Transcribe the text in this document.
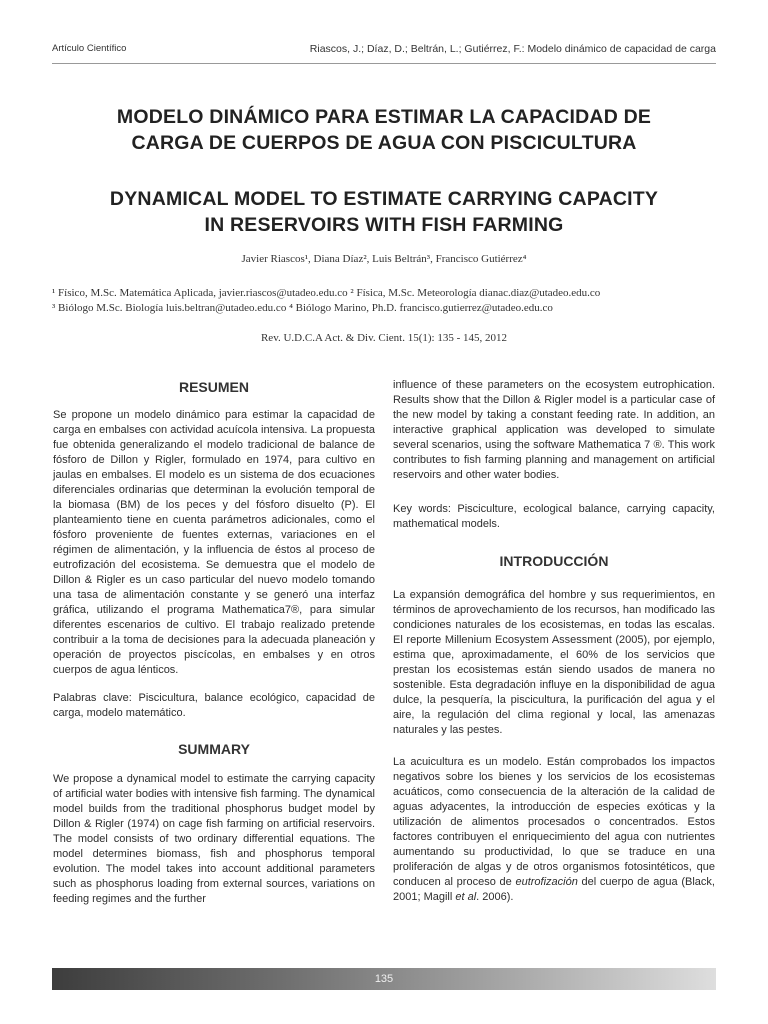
Artículo Científico	Riascos, J.; Díaz, D.; Beltrán, L.; Gutiérrez, F.: Modelo dinámico de capacidad de carga
MODELO DINÁMICO PARA ESTIMAR LA CAPACIDAD DE
CARGA DE CUERPOS DE AGUA CON PISCICULTURA
DYNAMICAL MODEL TO ESTIMATE CARRYING CAPACITY
IN RESERVOIRS WITH FISH FARMING
Javier Riascos¹, Diana Díaz², Luis Beltrán³, Francisco Gutiérrez⁴
¹ Físico, M.Sc. Matemática Aplicada, javier.riascos@utadeo.edu.co ² Física, M.Sc. Meteorología dianac.diaz@utadeo.edu.co
³ Biólogo M.Sc. Biología luis.beltran@utadeo.edu.co ⁴ Biólogo Marino, Ph.D. francisco.gutierrez@utadeo.edu.co
Rev. U.D.C.A Act. & Div. Cient. 15(1): 135 - 145, 2012
RESUMEN

Se propone un modelo dinámico para estimar la capacidad de carga en embalses con actividad acuícola intensiva. La propuesta fue obtenida generalizando el modelo tradicional de balance de fósforo de Dillon y Rigler, formulado en 1974, para cultivo en jaulas en embalses. El modelo es un sistema de dos ecuaciones diferenciales ordinarias que determinan la evolución temporal de la biomasa (BM) de los peces y del fósforo disuelto (P). El planteamiento tiene en cuenta parámetros adicionales, como el fósforo proveniente de fuentes externas, variaciones en el régimen de alimentación, y la influencia de éstos al proceso de eutrofización del ecosistema. Se demuestra que el modelo de Dillon & Rigler es un caso particular del nuevo modelo tomando una tasa de alimentación constante y se generó una interfaz gráfica, utilizando el programa Mathematica7®, para simular diferentes escenarios de cultivo. El trabajo realizado pretende contribuir a la toma de decisiones para la adecuada planeación y operación de proyectos piscícolas, en embalses y en otros cuerpos de agua lénticos.

Palabras clave: Piscicultura, balance ecológico, capacidad de carga, modelo matemático.

SUMMARY

We propose a dynamical model to estimate the carrying capacity of artificial water bodies with intensive fish farming. The dynamical model builds from the traditional phosphorus budget model by Dillon & Rigler (1974) on cage fish farming on artificial reservoirs. The model consists of two ordinary differential equations. The model determines biomass, fish and phosphorus temporal evolution. The model takes into account additional parameters such as phosphorus loading from external sources, variations on feeding regimes and the further

influence of these parameters on the ecosystem eutrophication. Results show that the Dillon & Rigler model is a particular case of the new model by taking a constant feeding rate. In addition, an interactive graphical application was developed to simulate several scenarios, using the software Mathematica 7 ®. This work contributes to fish farming planning and management on artificial reservoirs and other water bodies.

Key words: Pisciculture, ecological balance, carrying capacity, mathematical models.

INTRODUCCIÓN

La expansión demográfica del hombre y sus requerimientos, en términos de aprovechamiento de los recursos, han modificado las condiciones naturales de los ecosistemas, en todas las escalas. El reporte Millenium Ecosystem Assessment (2005), por ejemplo, estima que, aproximadamente, el 60% de los servicios que prestan los ecosistemas están siendo usados de manera no sostenible. Esta degradación influye en la disponibilidad de agua dulce, la pesquería, la piscicultura, la purificación del agua y el aire, la regulación del clima regional y local, las amenazas naturales y las pestes.

La acuicultura es un modelo. Están comprobados los impactos negativos sobre los bienes y los servicios de los ecosistemas acuáticos, como consecuencia de la alteración de la calidad de aguas adyacentes, la introducción de especies exóticas y la utilización de alimentos procesados o concentrados. Estos factores contribuyen el enriquecimiento del agua con nutrientes aumentando su productividad, lo que se traduce en una proliferación de algas y de otros organismos fotosintéticos, que conducen al proceso de eutrofización del cuerpo de agua (Black, 2001; Magill et al. 2006).

135
